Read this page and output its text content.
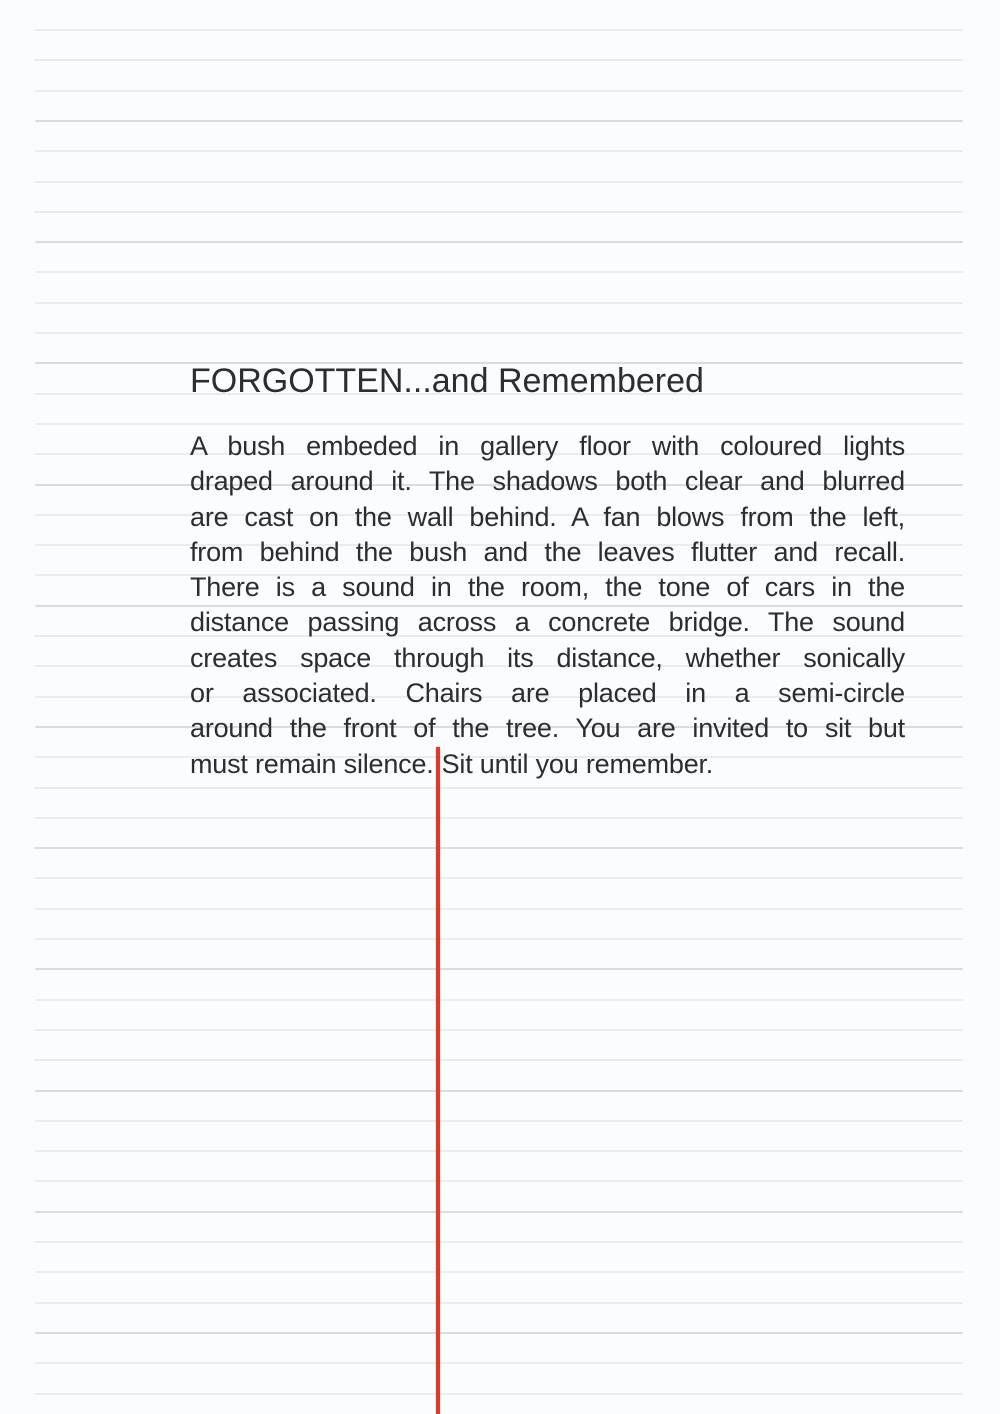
FORGOTTEN...and Remembered
A bush embeded in gallery floor with coloured lights
draped around it. The shadows both clear and blurred
are cast on the wall behind. A fan blows from the left,
from behind the bush and the leaves flutter and recall.
There is a sound in the room, the tone of cars in the
distance passing across a concrete bridge. The sound
creates space through its distance, whether sonically
or associated. Chairs are placed in a semi-circle
around the front of the tree. You are invited to sit but
must remain silence. Sit until you remember.
